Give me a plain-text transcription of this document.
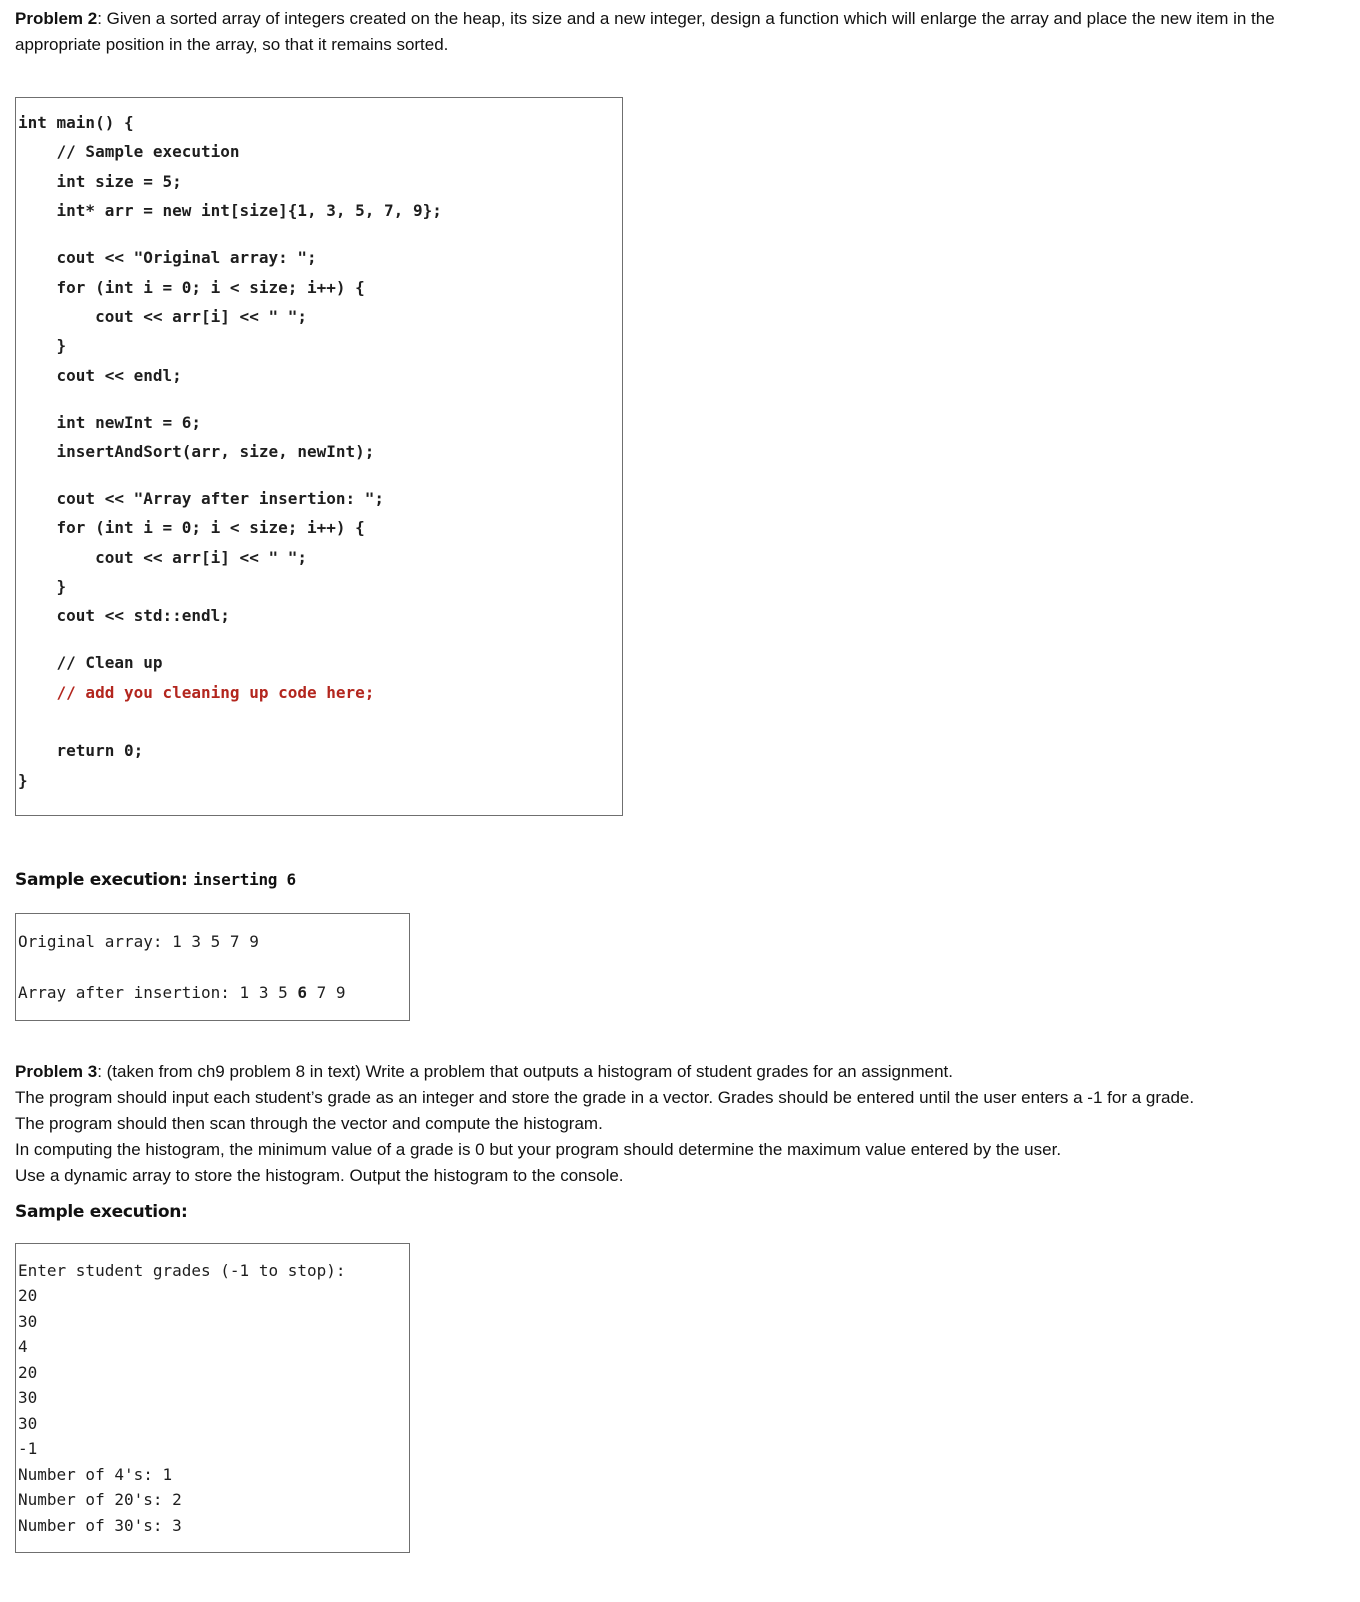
Problem 2: Given a sorted array of integers created on the heap, its size and a new integer, design a function which will enlarge the array and place the new item in the appropriate position in the array, so that it remains sorted.

int main() {

// Sample execution

int size = 5;

int* arr = new int[size]{1, 3, 5, 7, 9};

cout << "Original array: ";

for (int i = 0; i < size; i++) {

cout << arr[i] << " ";

}

cout << endl;

int newInt = 6;

insertAndSort(arr, size, newInt);

cout << "Array after insertion: ";

for (int i = 0; i < size; i++) {

cout << arr[i] << " ";

}

cout << std::endl;

// Clean up

// add you cleaning up code here;

return 0;

}

Sample execution: inserting 6
Original array: 1 3 5 7 9
Array after insertion: 1 3 5 6 7 9
Problem 3: (taken from ch9 problem 8 in text) Write a problem that outputs a histogram of student grades for an assignment.
The program should input each student’s grade as an integer and store the grade in a vector. Grades should be entered until the user enters a -1 for a grade.
The program should then scan through the vector and compute the histogram.
In computing the histogram, the minimum value of a grade is 0 but your program should determine the maximum value entered by the user.
Use a dynamic array to store the histogram. Output the histogram to the console.
Sample execution:
Enter student grades (-1 to stop):
20
30
4
20
30
30
-1
Number of 4's: 1
Number of 20's: 2
Number of 30's: 3
